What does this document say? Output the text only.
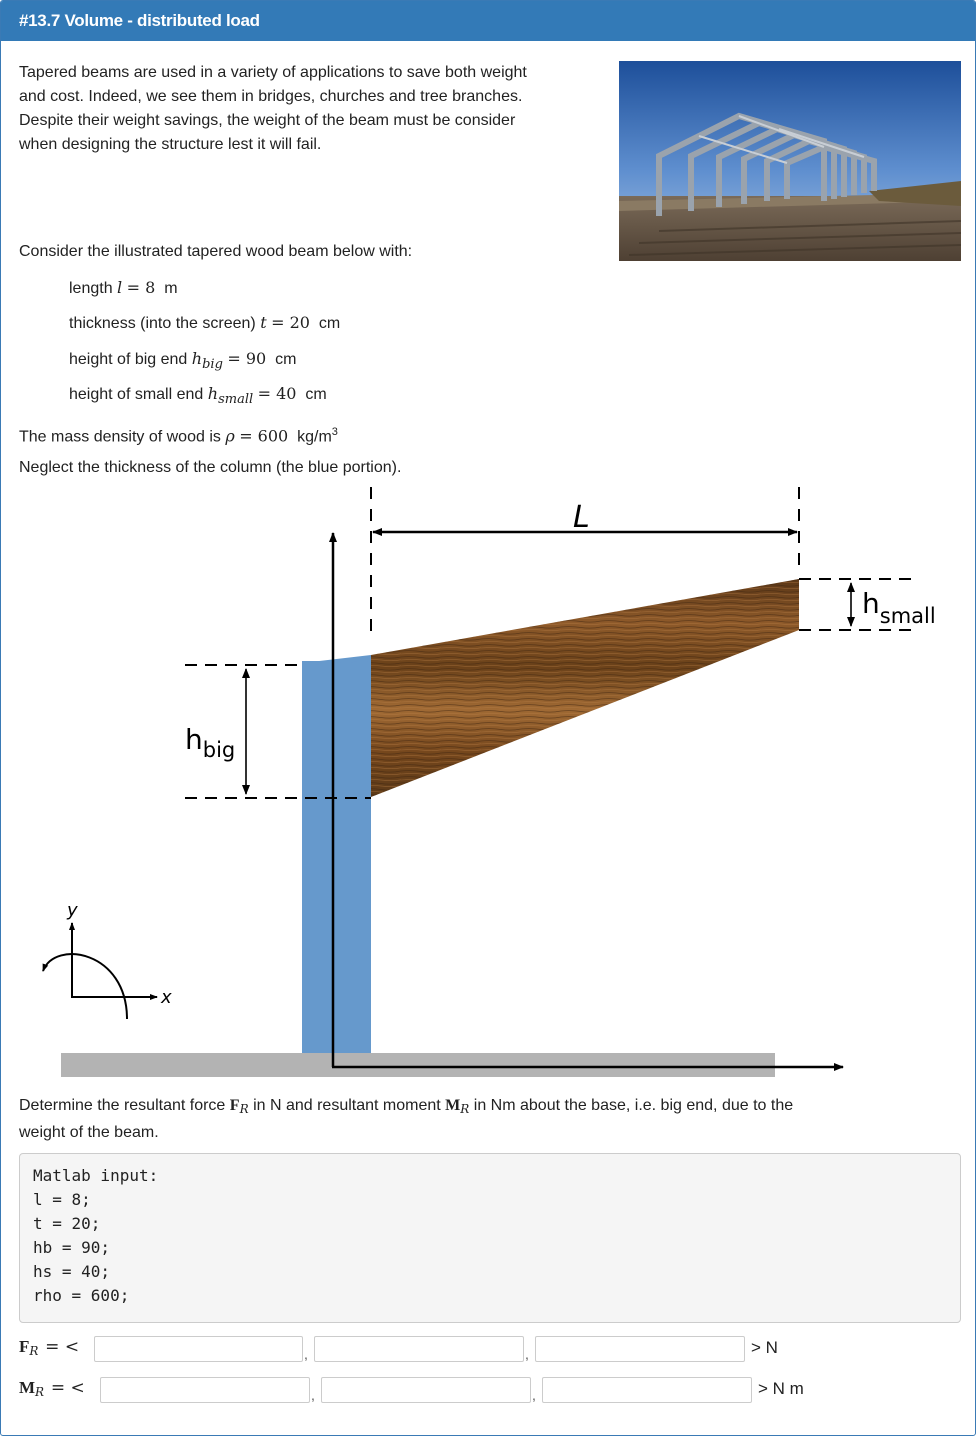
#13.7 Volume - distributed load
Tapered beams are used in a variety of applications to save both weight
and cost. Indeed, we see them in bridges, churches and tree branches.
Despite their weight savings, the weight of the beam must be consider
when designing the structure lest it will fail.
Consider the illustrated tapered wood beam below with:
length l = 8 m
thickness (into the screen) t = 20 cm
height of big end $h_{big} = 90$ cm
height of small end $h_{small} = 40$ cm
The mass density of wood is ρ = 600 $kg/m^3$
Neglect the thickness of the column (the blue portion).
L
$h_{small}$
$h_{big}$
y
x
Determine the resultant force FR in N and resultant moment MR in Nm about the base, i.e. big end, due to the
weight of the beam.
Matlab input:
l = 8;
t = 20;
hb = 90;
hs = 40;
rho = 600;
FR = <	,	,	> N
MR = <	,	,	> N m
